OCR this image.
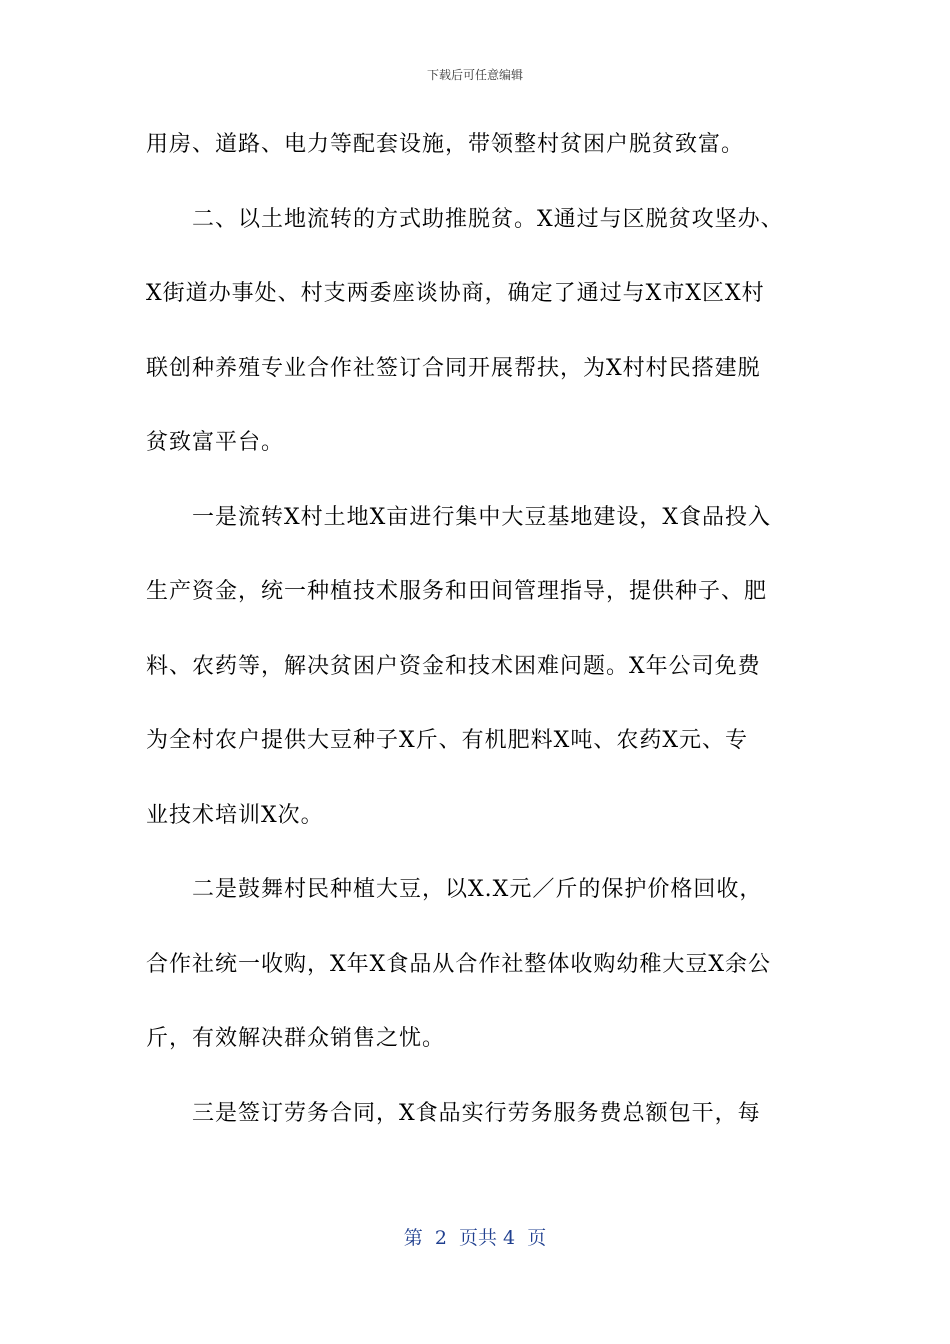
下载后可任意编辑
用房、道路、电力等配套设施，带领整村贫困户脱贫致富。
二、以土地流转的方式助推脱贫。X通过与区脱贫攻坚办、
X街道办事处、村支两委座谈协商，确定了通过与X市X区X村
联创种养殖专业合作社签订合同开展帮扶，为X村村民搭建脱
贫致富平台。
一是流转X村土地X亩进行集中大豆基地建设，X食品投入
生产资金，统一种植技术服务和田间管理指导，提供种子、肥
料、农药等，解决贫困户资金和技术困难问题。X年公司免费
为全村农户提供大豆种子X斤、有机肥料X吨、农药X元、专
业技术培训X次。
二是鼓舞村民种植大豆，以X.X元／斤的保护价格回收，
合作社统一收购，X年X食品从合作社整体收购幼稚大豆X余公
斤，有效解决群众销售之忧。
三是签订劳务合同，X食品实行劳务服务费总额包干，每
第  2  页共 4  页
